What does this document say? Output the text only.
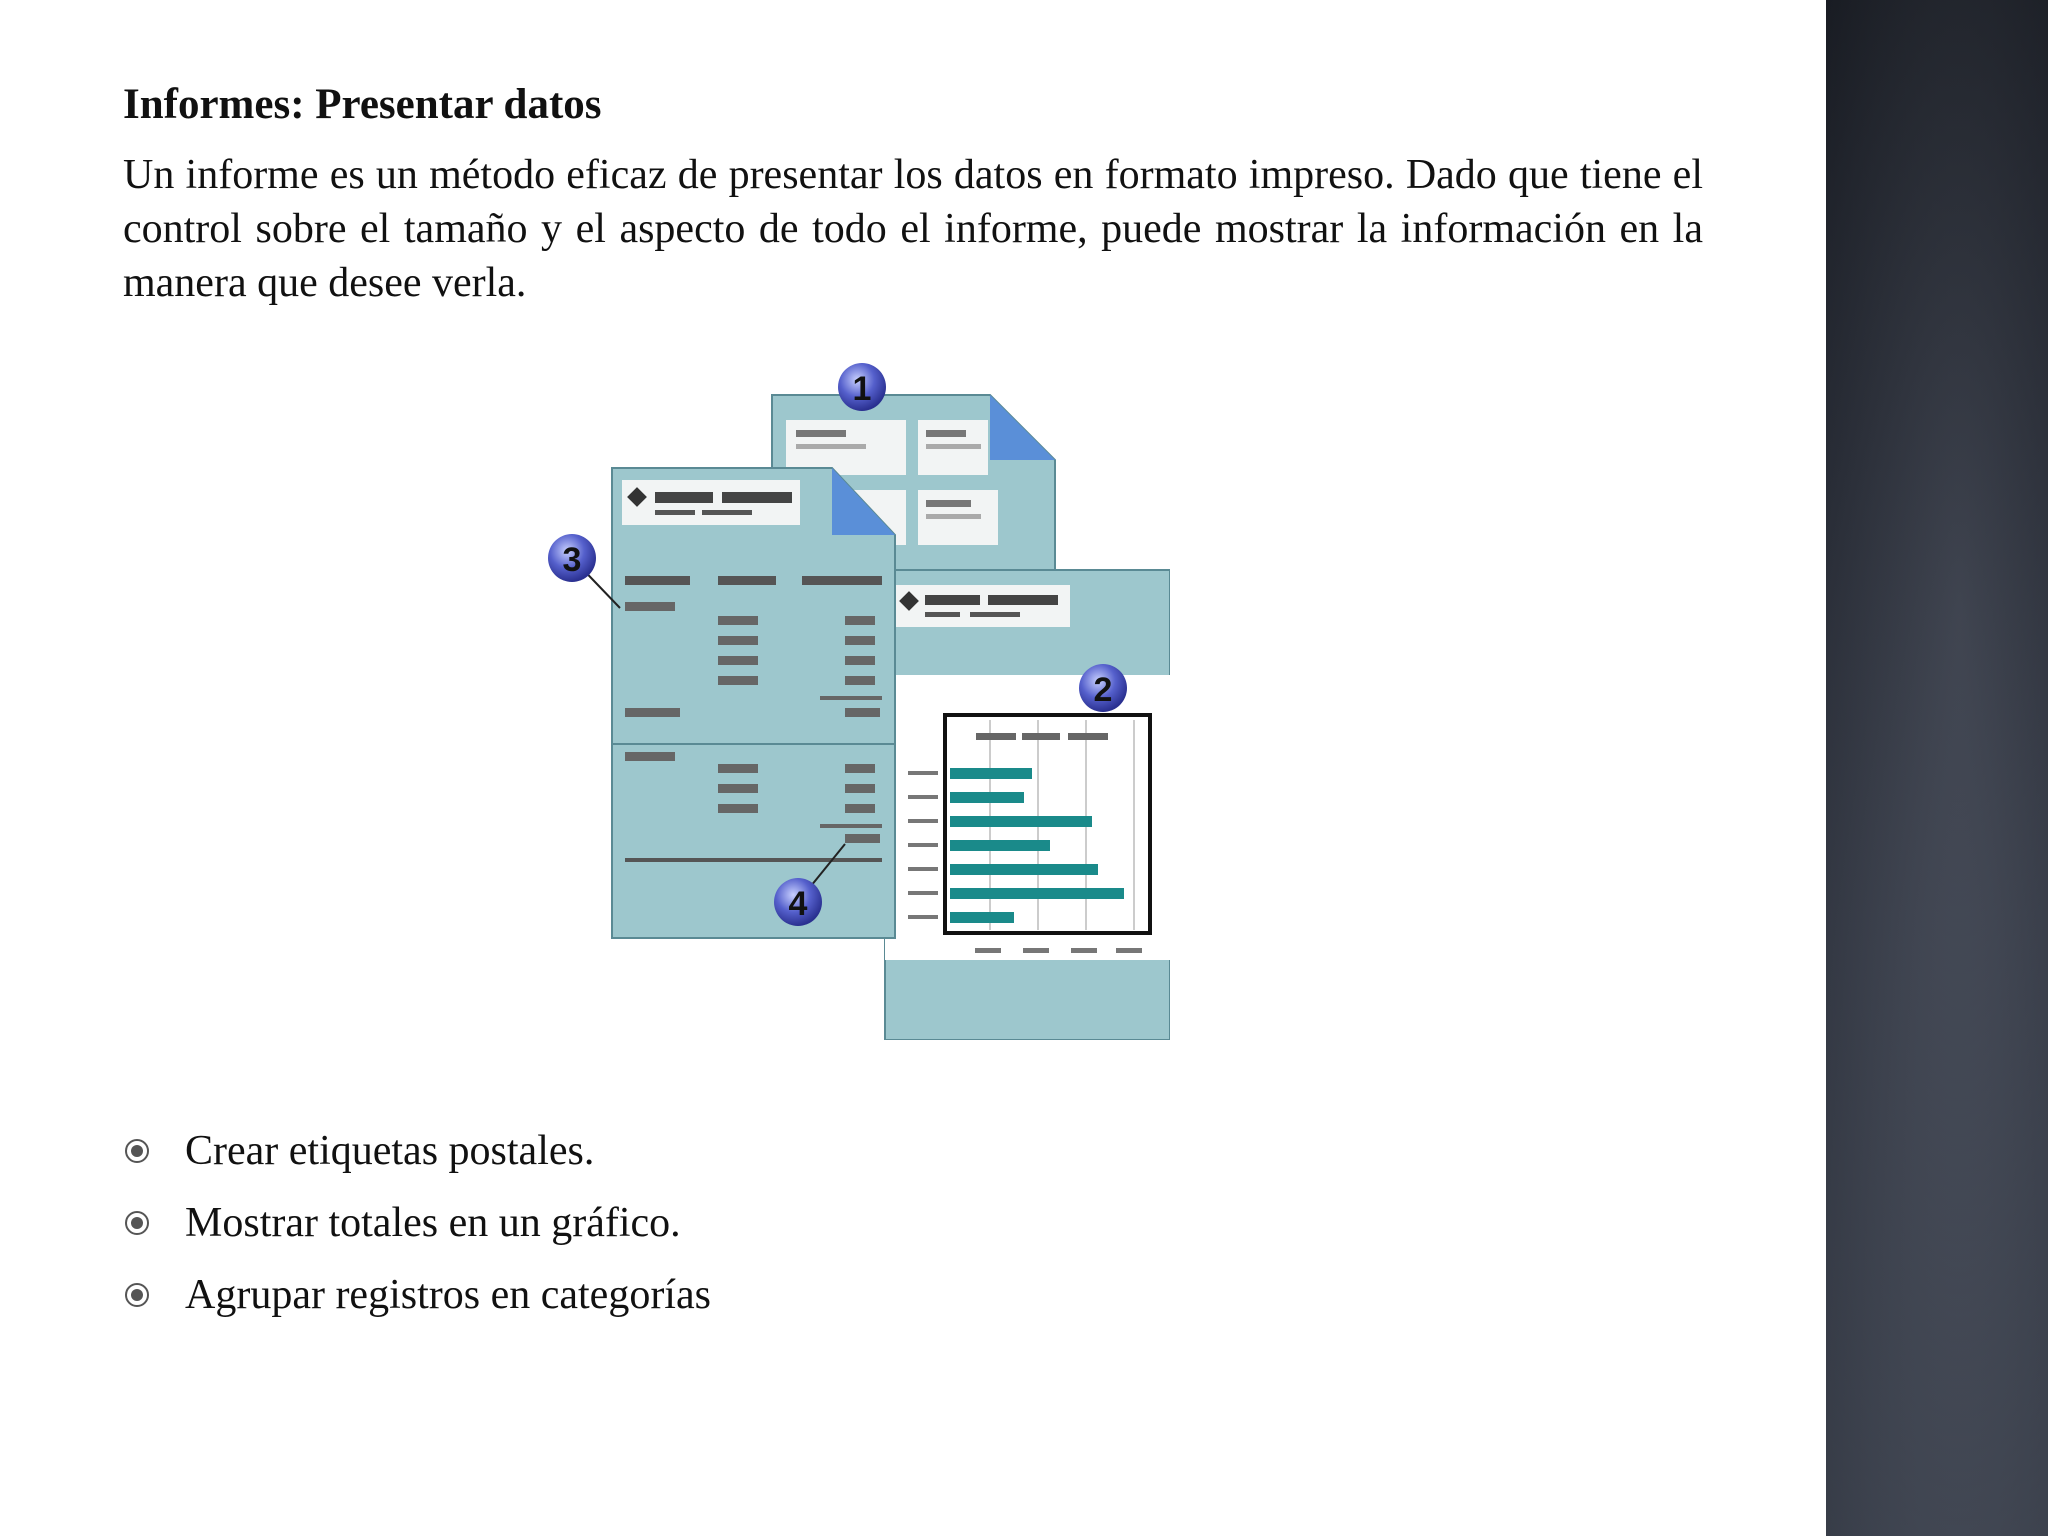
Informes: Presentar datos

Un informe es un método eficaz de presentar los datos en formato impreso. Dado que tiene el control sobre el tamaño y el aspecto de todo el informe, puede mostrar la información en la manera que desee verla.

1
2
3
4
Crear etiquetas postales.
Mostrar totales en un gráfico.
Agrupar registros en categorías
